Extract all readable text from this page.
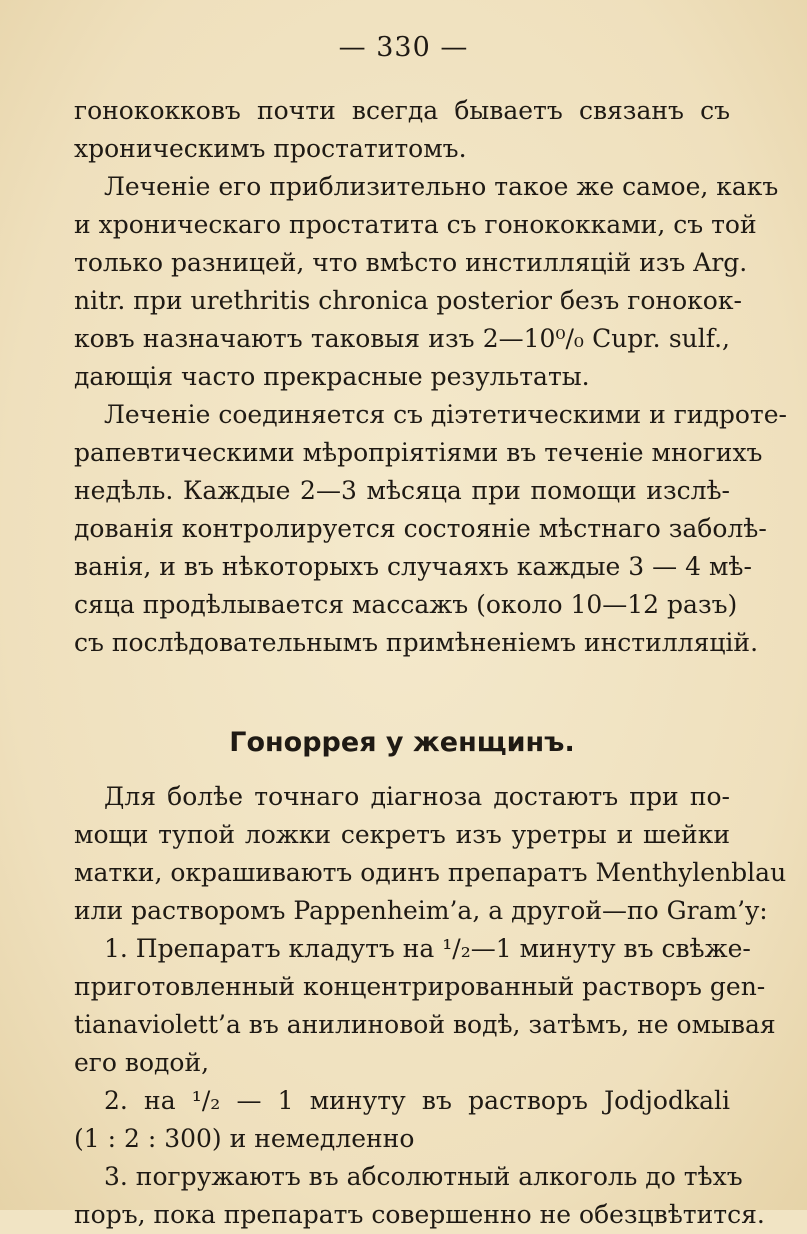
— 330 —
гонококковъ почти всегда бываетъ связанъ съ
хроническимъ простатитомъ.
Леченіе его приблизительно такое же самое, какъ
и хроническаго простатита съ гонококками, съ той
только разницей, что вмѣсто инстилляцій изъ Arg.
nitr. при urethritis chronica posterior безъ гонокок-
ковъ назначаютъ таковыя изъ 2—10⁰/₀ Cupr. sulf.,
дающія часто прекрасные результаты.
Леченіе соединяется съ діэтетическими и гидроте-
рапевтическими мѣропріятіями въ теченіе многихъ
недѣль. Каждые 2—3 мѣсяца при помощи изслѣ-
дованія контролируется состояніе мѣстнаго заболѣ-
ванія, и въ нѣкоторыхъ случаяхъ каждые 3 — 4 мѣ-
сяца продѣлывается массажъ (около 10—12 разъ)
съ послѣдовательнымъ примѣненіемъ инстилляцій.
Гоноррея у женщинъ.
Для болѣе точнаго діагноза достаютъ при по-
мощи тупой ложки секретъ изъ уретры и шейки
матки, окрашиваютъ одинъ препаратъ Menthylenblau
или растворомъ Pappenheim’a, а другой—по Gram’y:
1. Препаратъ кладутъ на ¹/₂—1 минуту въ свѣже-
приготовленный концентрированный растворъ gen-
tianaviolett’a въ анилиновой водѣ, затѣмъ, не омывая
его водой,
2. на ¹/₂ — 1 минуту въ растворъ Jodjodkali
(1 : 2 : 300) и немедленно
3. погружаютъ въ абсолютный алкоголь до тѣхъ
поръ, пока препаратъ совершенно не обезцвѣтится.
